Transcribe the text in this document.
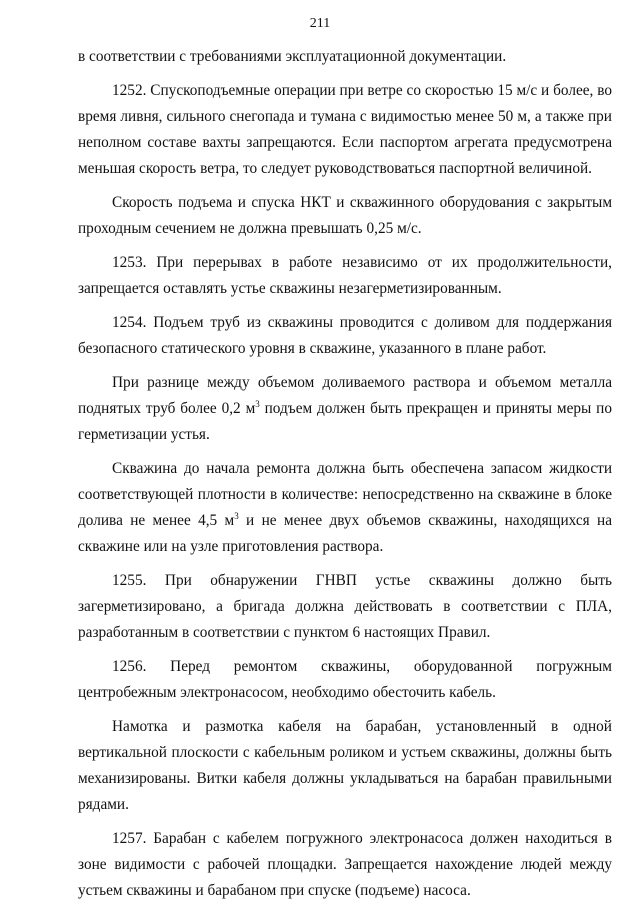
211

в соответствии с требованиями эксплуатационной документации.

1252. Спускоподъемные операции при ветре со скоростью 15 м/с и более, во время ливня, сильного снегопада и тумана с видимостью менее 50 м, а также при неполном составе вахты запрещаются. Если паспортом агрегата предусмотрена меньшая скорость ветра, то следует руководствоваться паспортной величиной.

Скорость подъема и спуска НКТ и скважинного оборудования с закрытым проходным сечением не должна превышать 0,25 м/с.

1253. При перерывах в работе независимо от их продолжительности, запрещается оставлять устье скважины незагерметизированным.

1254. Подъем труб из скважины проводится с доливом для поддержания безопасного статического уровня в скважине, указанного в плане работ.

При разнице между объемом доливаемого раствора и объемом металла поднятых труб более 0,2 $м^3$ подъем должен быть прекращен и приняты меры по герметизации устья.

Скважина до начала ремонта должна быть обеспечена запасом жидкости соответствующей плотности в количестве: непосредственно на скважине в блоке долива не менее 4,5 $м^3$ и не менее двух объемов скважины, находящихся на скважине или на узле приготовления раствора.

1255. При обнаружении ГНВП устье скважины должно быть загерметизировано, а бригада должна действовать в соответствии с ПЛА, разработанным в соответствии с пунктом 6 настоящих Правил.

1256. Перед ремонтом скважины, оборудованной погружным центробежным электронасосом, необходимо обесточить кабель.

Намотка и размотка кабеля на барабан, установленный в одной вертикальной плоскости с кабельным роликом и устьем скважины, должны быть механизированы. Витки кабеля должны укладываться на барабан правильными рядами.

1257. Барабан с кабелем погружного электронасоса должен находиться в зоне видимости с рабочей площадки. Запрещается нахождение людей между устьем скважины и барабаном при спуске (подъеме) насоса.
